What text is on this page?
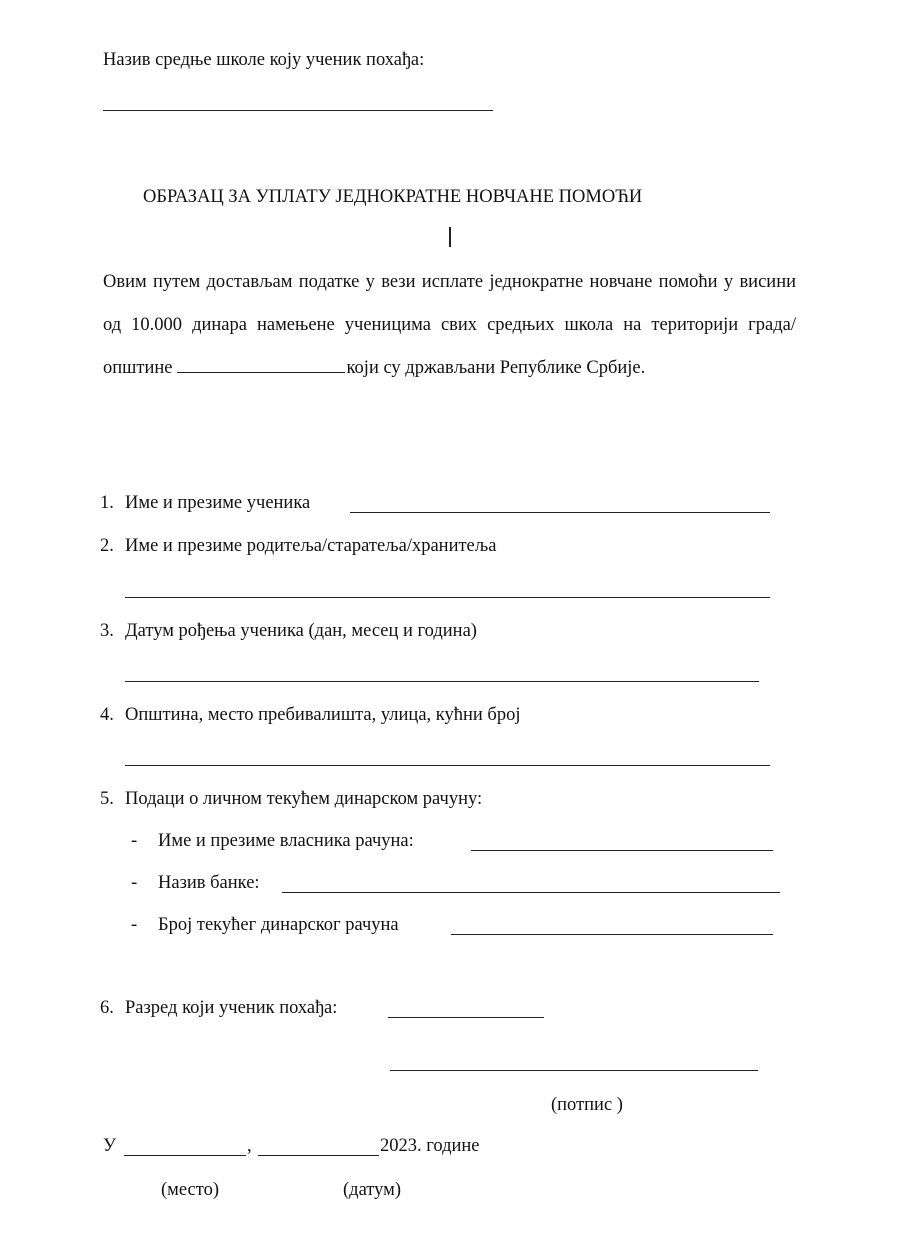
Назив средње школе коју ученик похађа:
ОБРАЗАЦ ЗА УПЛАТУ ЈЕДНОКРАТНЕ НОВЧАНЕ ПОМОЋИ
Овим путем достављам податке у вези исплате једнократне новчане помоћи у висини од 10.000 динара намењене ученицима свих средњих школа на територији града/општине	који су држављани Републике Србије.
1. Име и презиме ученика
2. Име и презиме родитеља/старатеља/хранитеља
3. Датум рођења ученика (дан, месец и година)
4. Општина, место пребивалишта, улица, кућни број
5. Подаци о личном текућем динарском рачуну:
- Име и презиме власника рачуна:
- Назив банке:
- Број текућег динарског рачуна
6. Разред који ученик похађа:
(потпис )
У	,	2023. године
(место)	(датум)
